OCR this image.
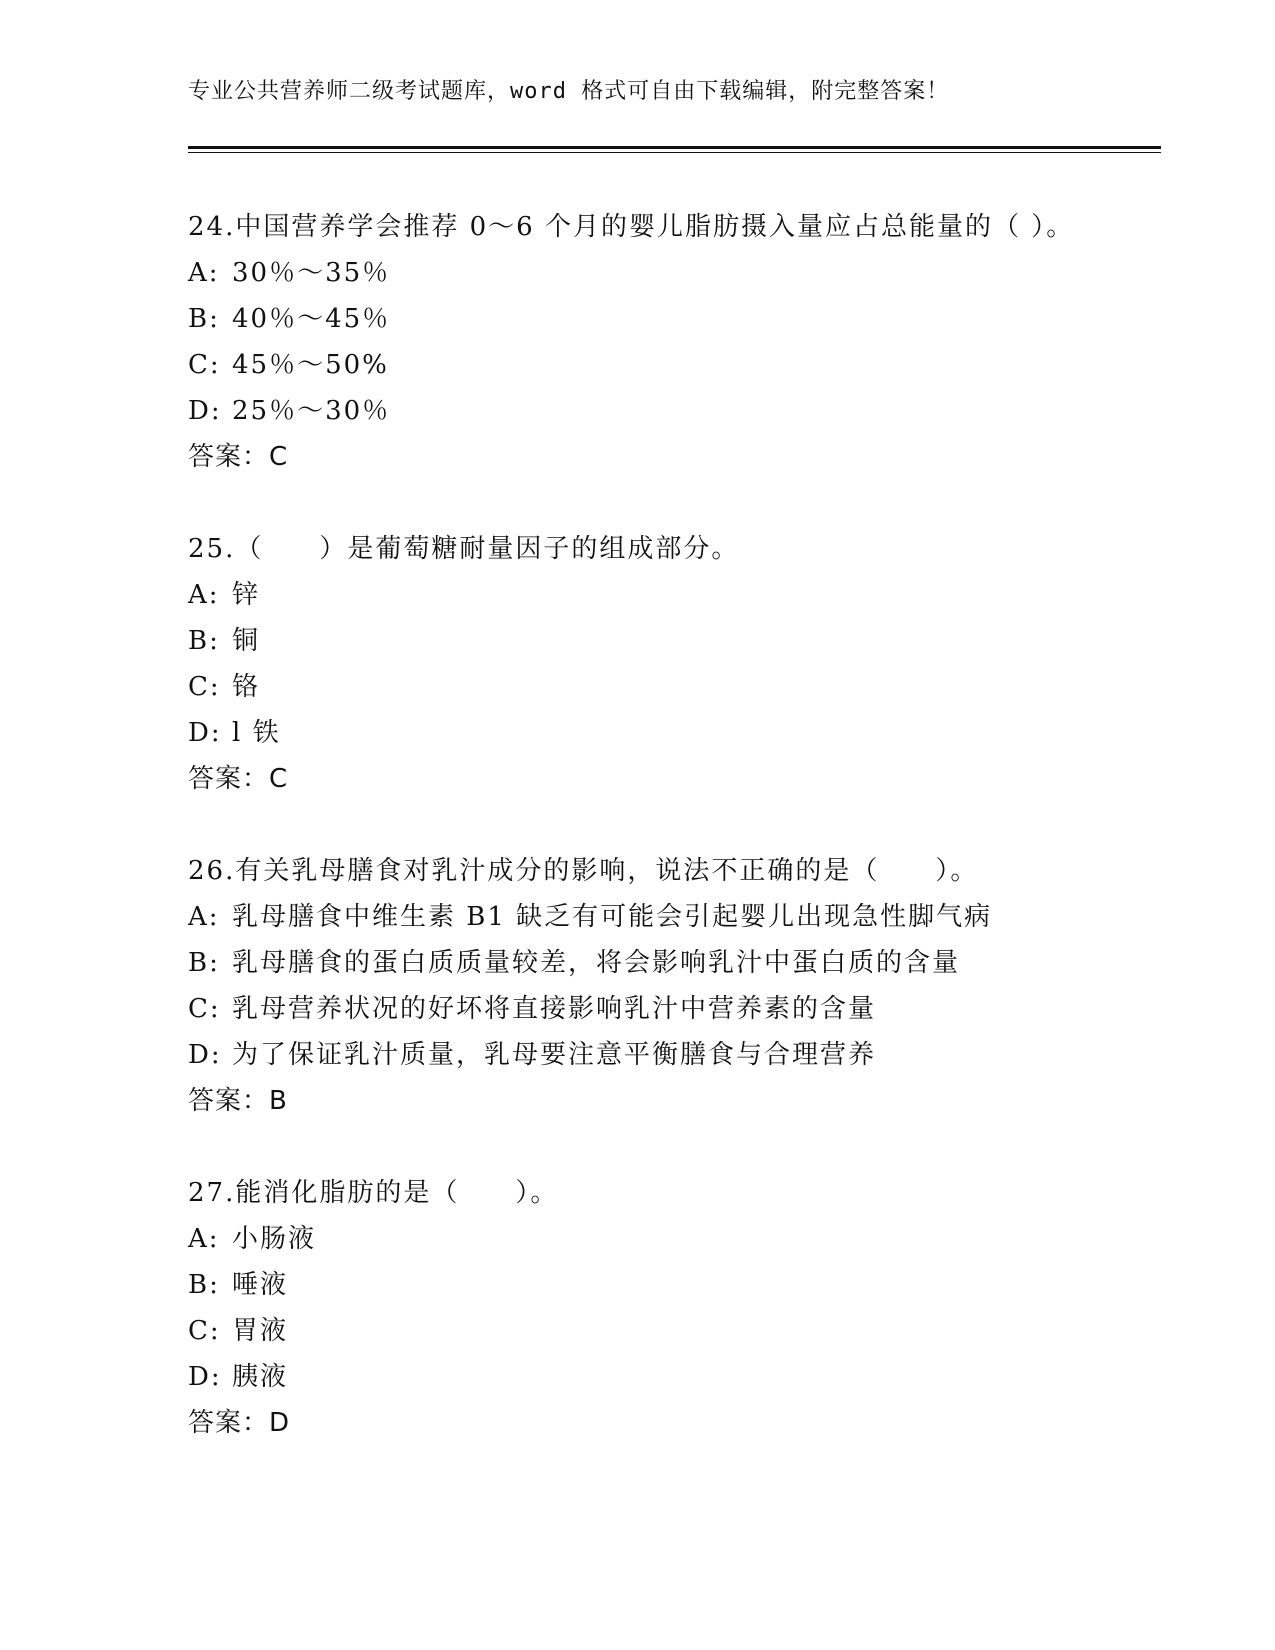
专业公共营养师二级考试题库，word 格式可自由下载编辑，附完整答案！
24.中国营养学会推荐 0～6 个月的婴儿脂肪摄入量应占总能量的（ ）。
A: 30％～35％
B: 40％～45％
C: 45％～50%
D: 25％～30％
答案：C
25.（　　）是葡萄糖耐量因子的组成部分。
A: 锌
B: 铜
C: 铬
D: l 铁
答案：C
26.有关乳母膳食对乳汁成分的影响，说法不正确的是（　　）。
A: 乳母膳食中维生素 B1 缺乏有可能会引起婴儿出现急性脚气病
B: 乳母膳食的蛋白质质量较差，将会影响乳汁中蛋白质的含量
C: 乳母营养状况的好坏将直接影响乳汁中营养素的含量
D: 为了保证乳汁质量，乳母要注意平衡膳食与合理营养
答案：B
27.能消化脂肪的是（　　）。
A: 小肠液
B: 唾液
C: 胃液
D: 胰液
答案：D
